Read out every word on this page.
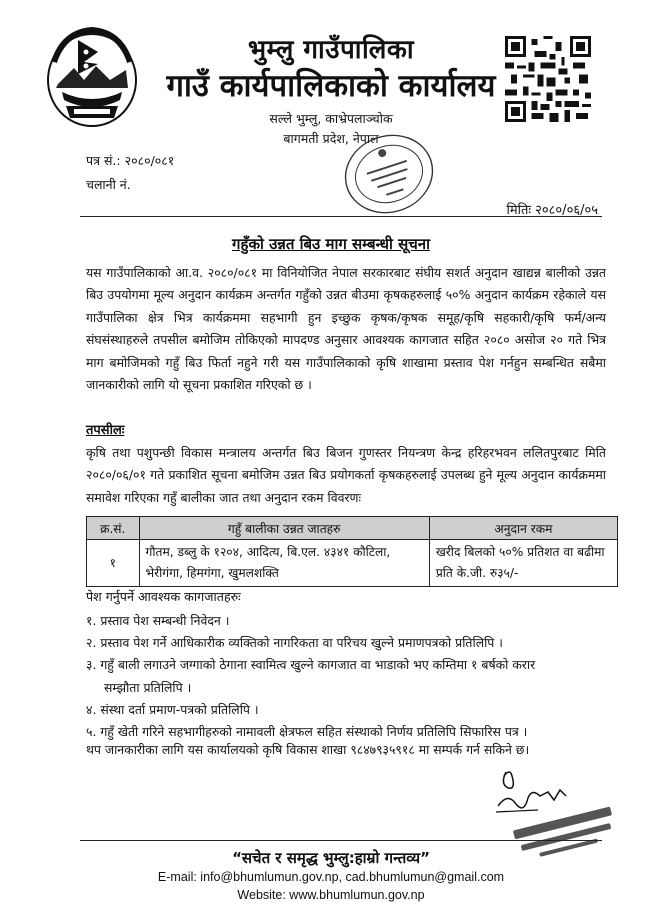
भुम्लु गाउँपालिका
गाउँ कार्यपालिकाको कार्यालय
सल्ले भुम्लु, काभ्रेपलाञ्चोक
बागमती प्रदेश, नेपाल
पत्र सं.: २०८०/०८१
चलानी नं.
मितिः २०८०/०६/०५
गहुँको उन्नत बिउ माग सम्बन्धी सूचना
यस गाउँपालिकाको आ.व. २०८०/०८१ मा विनियोजित नेपाल सरकारबाट संघीय सशर्त अनुदान खाद्यन्न बालीको उन्नत बिउ उपयोगमा मूल्य अनुदान कार्यक्रम अन्तर्गत गहुँको उन्नत बीउमा कृषकहरुलाई ५०% अनुदान कार्यक्रम रहेकाले यस गाउँपालिका क्षेत्र भित्र कार्यक्रममा सहभागी हुन इच्छुक कृषक/कृषक समूह/कृषि सहकारी/कृषि फर्म/अन्य संघसंस्थाहरुले तपसील बमोजिम तोकिएको मापदण्ड अनुसार आवश्यक कागजात सहित २०८० असोज २० गते भित्र माग बमोजिमको गहुँ बिउ फिर्ता नहुने गरी यस गाउँपालिकाको कृषि शाखामा प्रस्ताव पेश गर्नहुन सम्बन्धित सबैमा जानकारीको लागि यो सूचना प्रकाशित गरिएको छ ।
तपसीलः
कृषि तथा पशुपन्छी विकास मन्त्रालय अन्तर्गत बिउ बिजन गुणस्तर नियन्त्रण केन्द्र हरिहरभवन ललितपुरबाट मिति २०८०/०६/०१ गते प्रकाशित सूचना बमोजिम उन्नत बिउ प्रयोगकर्ता कृषकहरुलाई उपलब्ध हुने मूल्य अनुदान कार्यक्रममा समावेश गरिएका गहुँ बालीका जात तथा अनुदान रकम विवरणः
क्र.सं.	गहुँ बालीका उन्नत जातहरु	अनुदान रकम
१	गौतम, डब्लु के १२०४, आदित्य, बि.एल. ४३४१ कौटिला, भेरीगंगा, हिमगंगा, खुमलशक्ति	खरीद बिलको ५०% प्रतिशत वा बढीमा प्रति के.जी. रु३५/-
पेश गर्नुपर्ने आवश्यक कागजातहरुः
१. प्रस्ताव पेश सम्बन्धी निवेदन ।
२. प्रस्ताव पेश गर्ने आधिकारीक व्यक्तिको नागरिकता वा परिचय खुल्ने प्रमाणपत्रको प्रतिलिपि ।
३. गहुँ बाली लगाउने जग्गाको ठेगाना स्वामित्व खुल्ने कागजात वा भाडाको भए कम्तिमा १ बर्षको करार
सम्झौता प्रतिलिपि ।
४. संस्था दर्ता प्रमाण-पत्रको प्रतिलिपि ।
५. गहुँ खेती गरिने सहभागीहरुको नामावली क्षेत्रफल सहित संस्थाको निर्णय प्रतिलिपि सिफारिस पत्र ।
थप जानकारीका लागि यस कार्यालयको कृषि विकास शाखा ९८४७९३५९१८ मा सम्पर्क गर्न सकिने छ।
“सचेत र समृद्ध भुम्लु:हाम्रो गन्तव्य”
E-mail: info@bhumlumun.gov.np, cad.bhumlumun@gmail.com
Website: www.bhumlumun.gov.np
